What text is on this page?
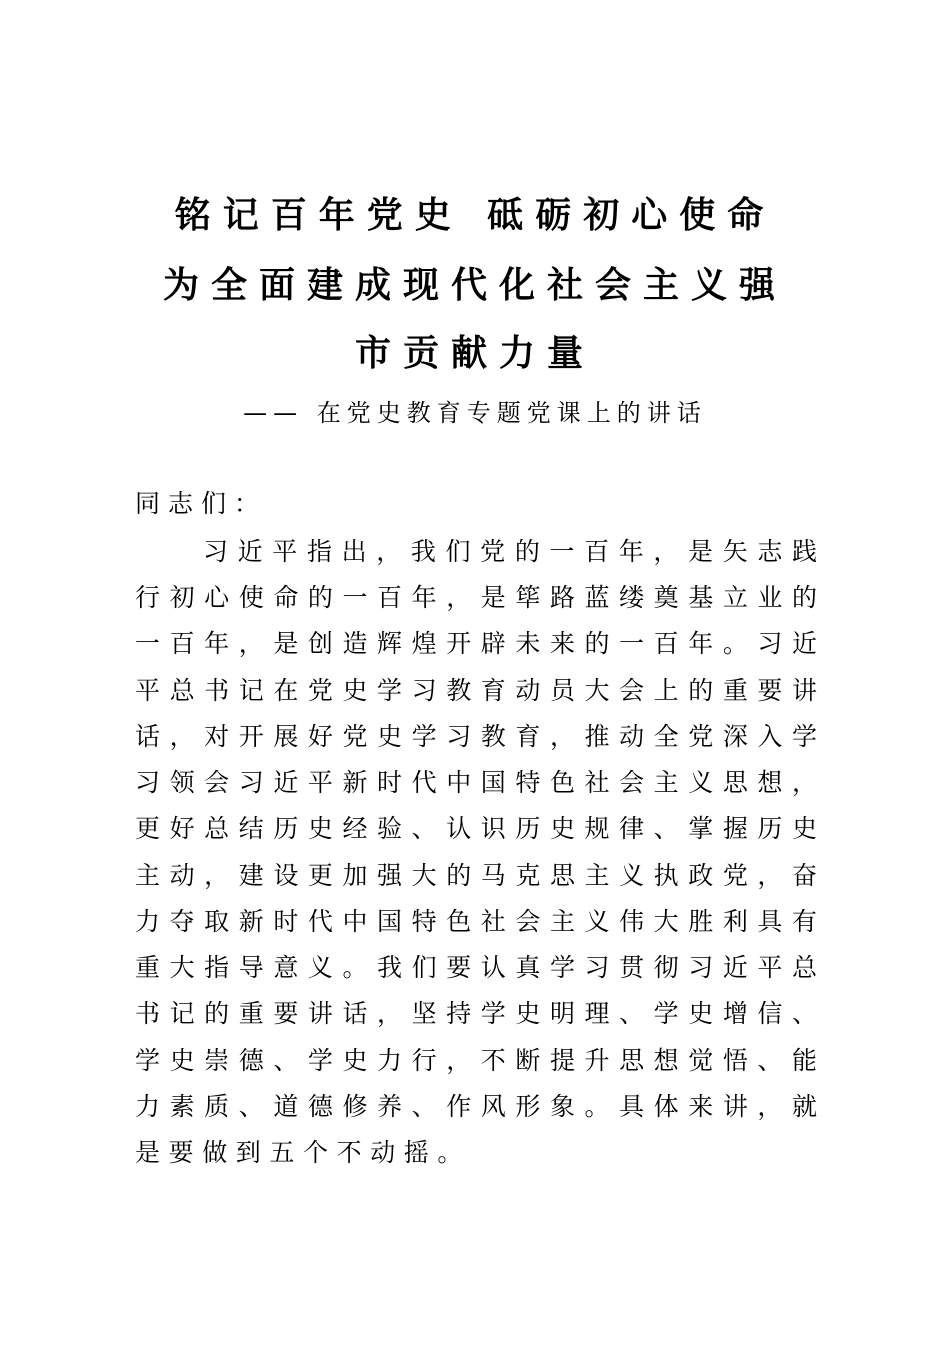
铭记百年党史 砥砺初心使命
为全面建成现代化社会主义强
市贡献力量
—— 在党史教育专题党课上的讲话
同志们：
习近平指出，我们党的一百年，是矢志践
行初心使命的一百年，是筚路蓝缕奠基立业的
一百年，是创造辉煌开辟未来的一百年。习近
平总书记在党史学习教育动员大会上的重要讲
话，对开展好党史学习教育，推动全党深入学
习领会习近平新时代中国特色社会主义思想，
更好总结历史经验、认识历史规律、掌握历史
主动，建设更加强大的马克思主义执政党，奋
力夺取新时代中国特色社会主义伟大胜利具有
重大指导意义。我们要认真学习贯彻习近平总
书记的重要讲话，坚持学史明理、学史增信、
学史崇德、学史力行，不断提升思想觉悟、能
力素质、道德修养、作风形象。具体来讲，就
是要做到五个不动摇。
